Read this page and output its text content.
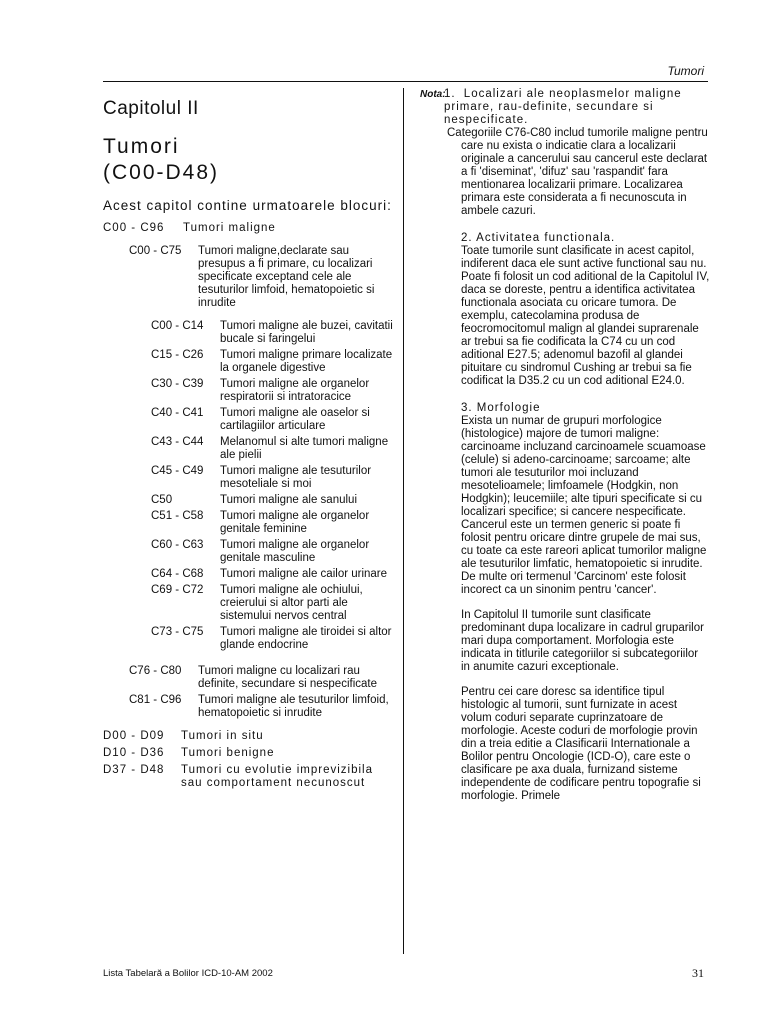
Tumori
Capitolul II
Tumori
(C00-D48)
Acest capitol contine urmatoarele blocuri:
C00 - C96	Tumori maligne
C00 - C75	Tumori maligne,declarate sau presupus a fi primare, cu localizari specificate exceptand cele ale tesuturilor limfoid, hematopoietic si inrudite
C00 - C14	Tumori maligne ale buzei, cavitatii bucale si faringelui
C15 - C26	Tumori maligne primare localizate la organele digestive
C30 - C39	Tumori maligne ale organelor respiratorii si intratoracice
C40 - C41	Tumori maligne ale oaselor si cartilagiilor articulare
C43 - C44	Melanomul si alte tumori maligne ale pielii
C45 - C49	Tumori maligne ale tesuturilor mesoteliale si moi
C50	Tumori maligne ale sanului
C51 - C58	Tumori maligne ale organelor genitale feminine
C60 - C63	Tumori maligne ale organelor genitale masculine
C64 - C68	Tumori maligne ale cailor urinare
C69 - C72	Tumori maligne ale ochiului, creierului si altor parti ale sistemului nervos central
C73 - C75	Tumori maligne ale tiroidei si altor glande endocrine
C76 - C80	Tumori maligne cu localizari rau definite, secundare si nespecificate
C81 - C96	Tumori maligne ale tesuturilor limfoid, hematopoietic si inrudite
D00 - D09	Tumori in situ
D10 - D36	Tumori benigne
D37 - D48	Tumori cu evolutie imprevizibila sau comportament necunoscut
Nota:
1. Localizari ale neoplasmelor maligne primare, rau-definite, secundare si nespecificate.
Categoriile C76-C80 includ tumorile maligne pentru care nu exista o indicatie clara a localizarii originale a cancerului sau cancerul este declarat a fi 'diseminat', 'difuz' sau 'raspandit' fara mentionarea localizarii primare. Localizarea primara este considerata a fi necunoscuta in ambele cazuri.
2. Activitatea functionala.
Toate tumorile sunt clasificate in acest capitol, indiferent daca ele sunt active functional sau nu. Poate fi folosit un cod aditional de la Capitolul IV, daca se doreste, pentru a identifica activitatea functionala asociata cu oricare tumora. De exemplu, catecolamina produsa de feocromocitomul malign al glandei suprarenale ar trebui sa fie codificata la C74 cu un cod aditional E27.5; adenomul bazofil al glandei pituitare cu sindromul Cushing ar trebui sa fie codificat la D35.2 cu un cod aditional E24.0.
3. Morfologie
Exista un numar de grupuri morfologice (histologice) majore de tumori maligne: carcinoame incluzand carcinoamele scuamoase (celule) si adeno-carcinoame; sarcoame; alte tumori ale tesuturilor moi incluzand mesotelioamele; limfoamele (Hodgkin, non Hodgkin); leucemiile; alte tipuri specificate si cu localizari specifice; si cancere nespecificate. Cancerul este un termen generic si poate fi folosit pentru oricare dintre grupele de mai sus, cu toate ca este rareori aplicat tumorilor maligne ale tesuturilor limfatic, hematopoietic si inrudite. De multe ori termenul 'Carcinom' este folosit incorect ca un sinonim pentru 'cancer'.
In Capitolul II tumorile sunt clasificate predominant dupa localizare in cadrul gruparilor mari dupa comportament. Morfologia este indicata in titlurile categoriilor si subcategoriilor in anumite cazuri exceptionale.
Pentru cei care doresc sa identifice tipul histologic al tumorii, sunt furnizate in acest volum coduri separate cuprinzatoare de morfologie. Aceste coduri de morfologie provin din a treia editie a Clasificarii Internationale a Bolilor pentru Oncologie (ICD-O), care este o clasificare pe axa duala, furnizand sisteme independente de codificare pentru topografie si morfologie. Primele
Lista Tabelară a Bolilor ICD-10-AM 2002	31
